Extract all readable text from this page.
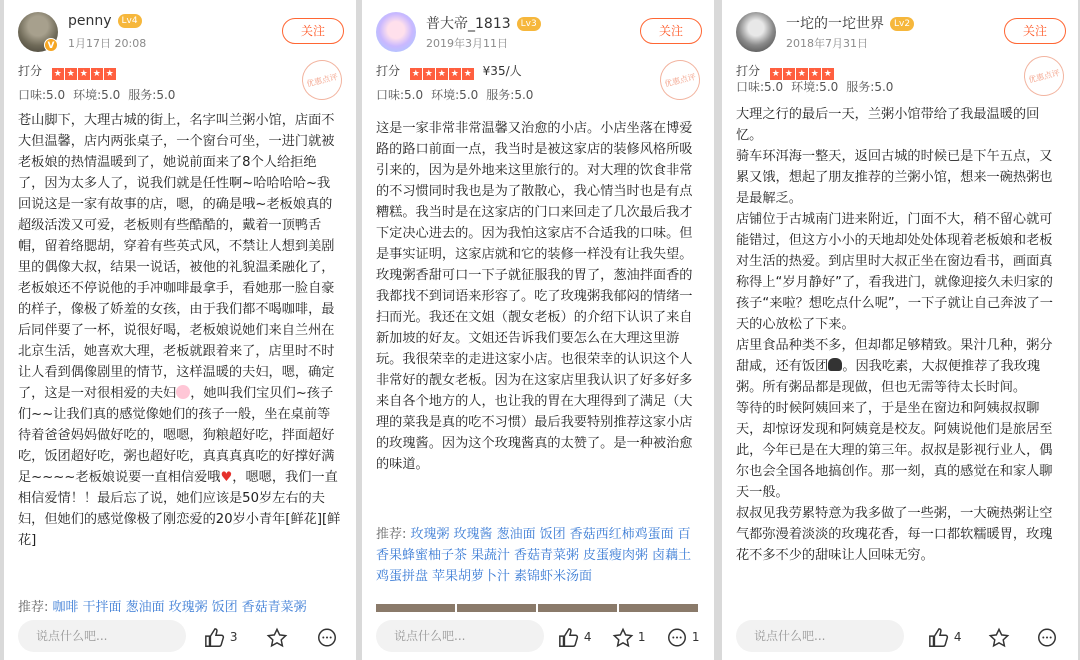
V
penny Lv4
1月17日 20:08
关注
打分 ★ ★ ★ ★ ★	优惠点评
口味:5.0 环境:5.0 服务:5.0

苍山脚下，大理古城的街上，名字叫兰粥小馆，店面不大但温馨，店内两张桌子，一个窗台可坐，一进门就被老板娘的热情温暖到了，她说前面来了8个人给拒绝了，因为太多人了，说我们就是任性啊~哈哈哈哈~我回说这是一家有故事的店，嗯，的确是哦~老板娘真的超级活泼又可爱，老板则有些酷酷的，戴着一顶鸭舌帽，留着络腮胡，穿着有些英式风，不禁让人想到美剧里的偶像大叔，结果一说话，被他的礼貌温柔融化了，老板娘还不停说他的手冲咖啡最拿手，看她那一脸自豪的样子，像极了娇羞的女孩，由于我们都不喝咖啡，最后同伴要了一杯，说很好喝，老板娘说她们来自兰州在北京生活，她喜欢大理，老板就跟着来了，店里时不时让人看到偶像剧里的情节，这样温暖的夫妇，嗯，确定了，这是一对很相爱的夫妇 ，她叫我们宝贝们~孩子们~~让我们真的感觉像她们的孩子一般，坐在桌前等待着爸爸妈妈做好吃的，嗯嗯，狗粮超好吃，拌面超好吃，饭团超好吃，粥也超好吃，真真真真吃的好撑好满足~~~~老板娘说要一直相信爱哦♥，嗯嗯，我们一直相信爱情！！最后忘了说，她们应该是50岁左右的夫妇，但她们的感觉像极了刚恋爱的20岁小青年[鲜花][鲜花]

推荐: 咖啡 干拌面 葱油面 玫瑰粥 饭团 香菇青菜粥
说点什么吧...	3
普大帝_1813 Lv3
2019年3月11日
关注
打分 ★ ★ ★ ★ ★ ¥35/人
优惠点评
口味:5.0 环境:5.0 服务:5.0

这是一家非常非常温馨又治愈的小店。小店坐落在博爱路的路口前面一点，我当时是被这家店的装修风格所吸引来的，因为是外地来这里旅行的。对大理的饮食非常的不习惯同时我也是为了散散心，我心情当时也是有点糟糕。我当时是在这家店的门口来回走了几次最后我才下定决心进去的。因为我怕这家店不合适我的口味。但是事实证明，这家店就和它的装修一样没有让我失望。玫瑰粥香甜可口一下子就征服我的胃了，葱油拌面香的我都找不到词语来形容了。吃了玫瑰粥我郁闷的情绪一扫而光。我还在文姐（靓女老板）的介绍下认识了来自新加坡的好友。文姐还告诉我们要怎么在大理这里游玩。我很荣幸的走进这家小店。也很荣幸的认识这个人非常好的靓女老板。因为在这家店里我认识了好多好多来自各个地方的人，也让我的胃在大理得到了满足（大理的菜我是真的吃不习惯）最后我要特别推荐这家小店的玫瑰酱。因为这个玫瑰酱真的太赞了。是一种被治愈的味道。

推荐: 玫瑰粥 玫瑰酱 葱油面 饭团 香菇西红柿鸡蛋面 百香果蜂蜜柚子茶 果蔬汁 香菇青菜粥 皮蛋瘦肉粥 卤藕土鸡蛋拼盘 苹果胡萝卜汁 素锦虾米汤面
说点什么吧...	4	1	1
一坨的一坨世界 Lv2
2018年7月31日
关注
打分 ★ ★ ★ ★ ★	优惠点评
口味:5.0 环境:5.0 服务:5.0

大理之行的最后一天，兰粥小馆带给了我最温暖的回忆。

骑车环洱海一整天，返回古城的时候已是下午五点，又累又饿，想起了朋友推荐的兰粥小馆，想来一碗热粥也是最解乏。

店铺位于古城南门进来附近，门面不大，稍不留心就可能错过，但这方小小的天地却处处体现着老板娘和老板对生活的热爱。到店里时大叔正坐在窗边看书，画面真称得上“岁月静好”了，看我进门，就像迎接久未归家的孩子“来啦？想吃点什么呢”，一下子就让自己奔波了一天的心放松了下来。

店里食品种类不多，但却都足够精致。果汁几种，粥分甜咸，还有饭团 。因我吃素，大叔便推荐了我玫瑰粥。所有粥品都是现做，但也无需等待太长时间。

等待的时候阿姨回来了，于是坐在窗边和阿姨叔叔聊天，却惊讶发现和阿姨竟是校友。阿姨说他们是旅居至此，今年已是在大理的第三年。叔叔是影视行业人，偶尔也会全国各地搞创作。那一刻，真的感觉在和家人聊天一般。

叔叔见我劳累特意为我多做了一些粥，一大碗热粥让空气都弥漫着淡淡的玫瑰花香，每一口都软糯暖胃，玫瑰花不多不少的甜味让人回味无穷。

说点什么吧...	4
